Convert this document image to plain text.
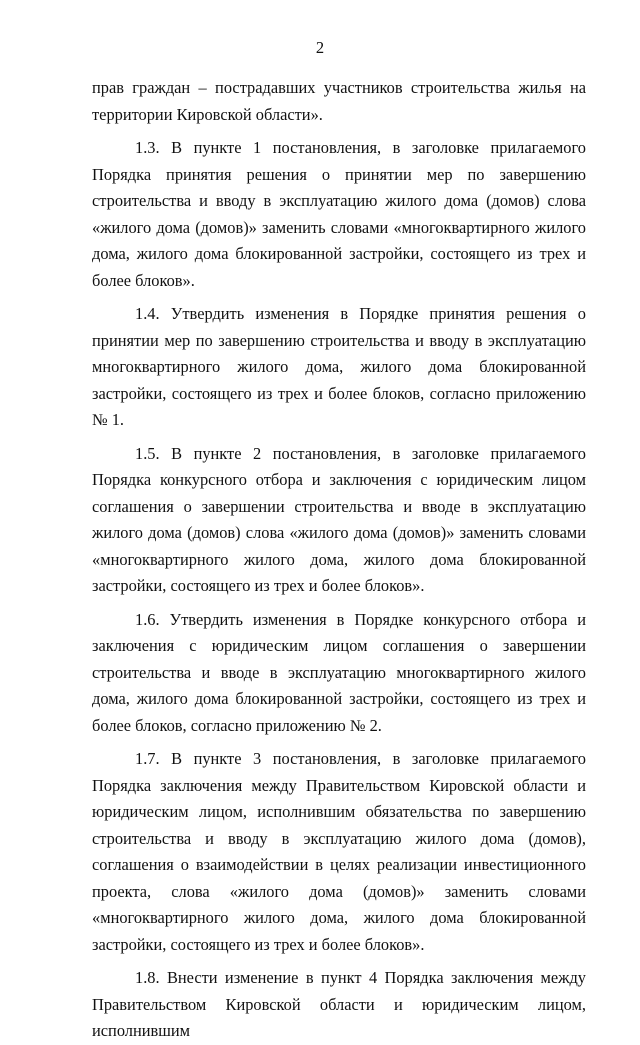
2

прав граждан – пострадавших участников строительства жилья на территории Кировской области».

1.3. В пункте 1 постановления, в заголовке прилагаемого Порядка принятия решения о принятии мер по завершению строительства и вводу в эксплуатацию жилого дома (домов) слова «жилого дома (домов)» заменить словами «многоквартирного жилого дома, жилого дома блокированной застройки, состоящего из трех и более блоков».

1.4. Утвердить изменения в Порядке принятия решения о принятии мер по завершению строительства и вводу в эксплуатацию многоквартирного жилого дома, жилого дома блокированной застройки, состоящего из трех и более блоков, согласно приложению № 1.

1.5. В пункте 2 постановления, в заголовке прилагаемого Порядка конкурсного отбора и заключения с юридическим лицом соглашения о завершении строительства и вводе в эксплуатацию жилого дома (домов) слова «жилого дома (домов)» заменить словами «многоквартирного жилого дома, жилого дома блокированной застройки, состоящего из трех и более блоков».

1.6. Утвердить изменения в Порядке конкурсного отбора и заключения с юридическим лицом соглашения о завершении строительства и вводе в эксплуатацию многоквартирного жилого дома, жилого дома блокированной застройки, состоящего из трех и более блоков, согласно приложению № 2.

1.7. В пункте 3 постановления, в заголовке прилагаемого Порядка заключения между Правительством Кировской области и юридическим лицом, исполнившим обязательства по завершению строительства и вводу в эксплуатацию жилого дома (домов), соглашения о взаимодействии в целях реализации инвестиционного проекта, слова «жилого дома (домов)» заменить словами «многоквартирного жилого дома, жилого дома блокированной застройки, состоящего из трех и более блоков».

1.8. Внести изменение в пункт 4 Порядка заключения между Правительством Кировской области и юридическим лицом, исполнившим
